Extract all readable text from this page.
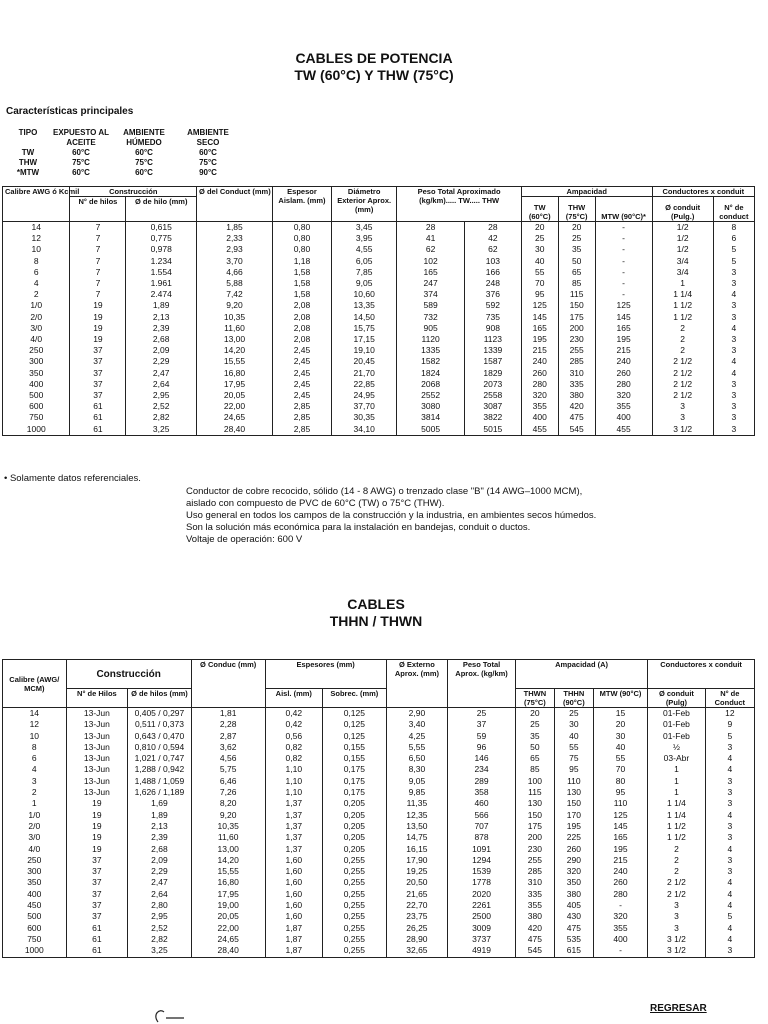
CABLES DE POTENCIA
TW (60°C) Y THW (75°C)
Características principales
TIPO	EXPUESTO AL ACEITE	AMBIENTE HÚMEDO	AMBIENTE SECO
TW	60°C	60°C	60°C
THW	75°C	75°C	75°C
*MTW	60°C	60°C	90°C
Calibre AWG ó Kcmil	Construcción		Ø del Conduct (mm)	Espesor Aislam. (mm)	Diámetro Exterior Aprox. (mm)	Peso Total Aproximado (kg/km)..... TW..... THW		Ampacidad			Conductores x conduit	
	N° de hilos	Ø de hilo (mm)						TW (60°C)	THW (75°C)	MTW (90°C)*	Ø conduit (Pulg.)	N° de conduct
14	7	0,615	1,85	0,80	3,45	28	28	20	20	-	1/2	8
12	7	0,775	2,33	0,80	3,95	41	42	25	25	-	1/2	6
10	7	0,978	2,93	0,80	4,55	62	62	30	35	-	1/2	5
8	7	1.234	3,70	1,18	6,05	102	103	40	50	-	3/4	5
6	7	1.554	4,66	1,58	7,85	165	166	55	65	-	3/4	3
4	7	1.961	5,88	1,58	9,05	247	248	70	85	-	1	3
2	7	2.474	7,42	1,58	10,60	374	376	95	115	-	1 1/4	4
1/0	19	1,89	9,20	2,08	13,35	589	592	125	150	125	1 1/2	3
2/0	19	2,13	10,35	2,08	14,50	732	735	145	175	145	1 1/2	3
3/0	19	2,39	11,60	2,08	15,75	905	908	165	200	165	2	4
4/0	19	2,68	13,00	2,08	17,15	1120	1123	195	230	195	2	3
250	37	2,09	14,20	2,45	19,10	1335	1339	215	255	215	2	3
300	37	2,29	15,55	2,45	20,45	1582	1587	240	285	240	2 1/2	4
350	37	2,47	16,80	2,45	21,70	1824	1829	260	310	260	2 1/2	4
400	37	2,64	17,95	2,45	22,85	2068	2073	280	335	280	2 1/2	3
500	37	2,95	20,05	2,45	24,95	2552	2558	320	380	320	2 1/2	3
600	61	2,52	22,00	2,85	37,70	3080	3087	355	420	355	3	3
750	61	2,82	24,65	2,85	30,35	3814	3822	400	475	400	3	3
1000	61	3,25	28,40	2,85	34,10	5005	5015	455	545	455	3 1/2	3
• Solamente datos referenciales.
Conductor de cobre recocido, sólido (14 - 8 AWG) o trenzado clase "B" (14 AWG–1000 MCM),
aislado con compuesto de PVC de 60°C (TW) o 75°C (THW).
Uso general en todos los campos de la construcción y la industria, en ambientes secos húmedos.
Son la solución más económica para la instalación en bandejas, conduit o ductos.
Voltaje de operación: 600 V
CABLES
THHN / THWN
Calibre (AWG/ MCM)	Construcción		Ø Conduc (mm)	Espesores (mm)		Ø Externo Aprox. (mm)	Peso Total Aprox. (kg/km)	Ampacidad (A)			Conductores x conduit	
	N° de Hilos	Ø de hilos (mm)		Aisl. (mm)	Sobrec. (mm)			THWN (75°C)	THHN (90°C)	MTW (90°C)	Ø conduit (Pulg)	N° de Conduct
14	13-Jun	0,405 / 0,297	1,81	0,42	0,125	2,90	25	20	25	15	01-Feb	12
12	13-Jun	0,511 / 0,373	2,28	0,42	0,125	3,40	37	25	30	20	01-Feb	9
10	13-Jun	0,643 / 0,470	2,87	0,56	0,125	4,25	59	35	40	30	01-Feb	5
8	13-Jun	0,810 / 0,594	3,62	0,82	0,155	5,55	96	50	55	40	½	3
6	13-Jun	1,021 / 0,747	4,56	0,82	0,155	6,50	146	65	75	55	03-Abr	4
4	13-Jun	1,288 / 0,942	5,75	1,10	0,175	8,30	234	85	95	70	1	4
3	13-Jun	1,488 / 1,059	6,46	1,10	0,175	9,05	289	100	110	80	1	3
2	13-Jun	1,626 / 1,189	7,26	1,10	0,175	9,85	358	115	130	95	1	3
1	19	1,69	8,20	1,37	0,205	11,35	460	130	150	110	1 1/4	3
1/0	19	1,89	9,20	1,37	0,205	12,35	566	150	170	125	1 1/4	4
2/0	19	2,13	10,35	1,37	0,205	13,50	707	175	195	145	1 1/2	3
3/0	19	2,39	11,60	1,37	0,205	14,75	878	200	225	165	1 1/2	3
4/0	19	2,68	13,00	1,37	0,205	16,15	1091	230	260	195	2	4
250	37	2,09	14,20	1,60	0,255	17,90	1294	255	290	215	2	3
300	37	2,29	15,55	1,60	0,255	19,25	1539	285	320	240	2	3
350	37	2,47	16,80	1,60	0,255	20,50	1778	310	350	260	2 1/2	4
400	37	2,64	17,95	1,60	0,255	21,65	2020	335	380	280	2 1/2	4
450	37	2,80	19,00	1,60	0,255	22,70	2261	355	405	-	3	4
500	37	2,95	20,05	1,60	0,255	23,75	2500	380	430	320	3	5
600	61	2,52	22,00	1,87	0,255	26,25	3009	420	475	355	3	4
750	61	2,82	24,65	1,87	0,255	28,90	3737	475	535	400	3 1/2	4
1000	61	3,25	28,40	1,87	0,255	32,65	4919	545	615	-	3 1/2	3
REGRESAR
